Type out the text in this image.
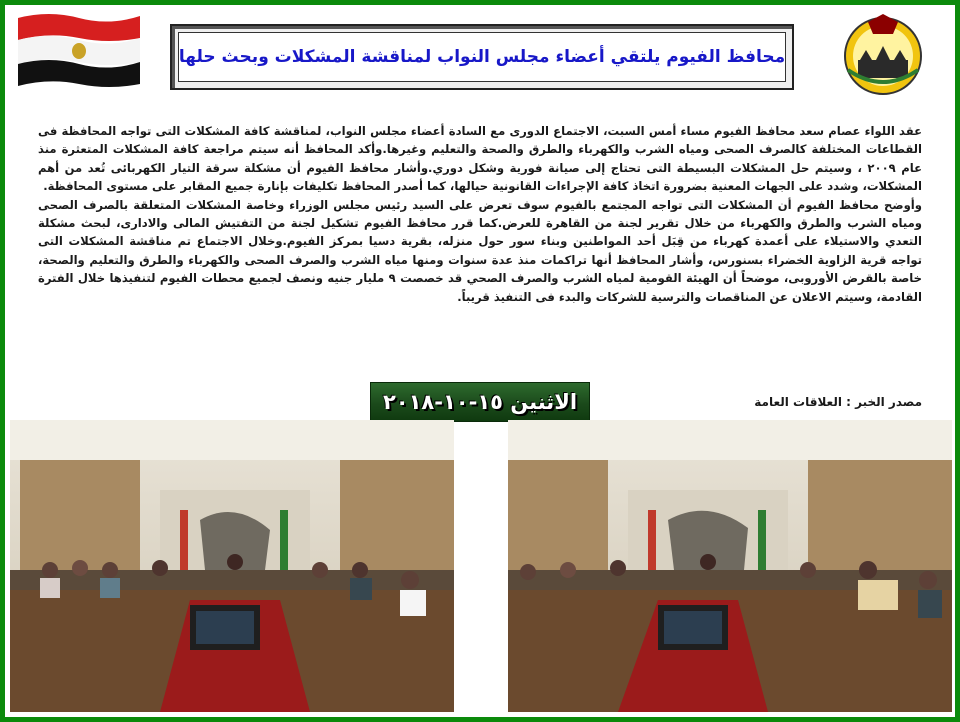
محافظ الفيوم يلتقي أعضاء مجلس النواب لمناقشة المشكلات وبحث حلها

عقد اللواء عصام سعد محافظ الفيوم مساء أمس السبت، الاجتماع الدورى مع السادة أعضاء مجلس النواب، لمناقشة كافة المشكلات التى تواجه المحافظة فى القطاعات المختلفة كالصرف الصحى ومياه الشرب والكهرباء والطرق والصحة والتعليم وغيرها.وأكد المحافظ أنه سيتم مراجعة كافة المشكلات المتعثرة منذ عام ٢٠٠٩ ، وسيتم حل المشكلات البسيطة التى تحتاج إلى صيانة فورية وشكل دوري.وأشار محافظ الفيوم أن مشكلة سرقة التيار الكهربائى تُعد من أهم المشكلات، وشدد على الجهات المعنية بضرورة اتخاذ كافة الإجراءات القانونية حيالها، كما أصدر المحافظ تكليفات بإنارة جميع المقابر على مستوى المحافظة.

وأوضح محافظ الفيوم أن المشكلات التى تواجه المجتمع بالفيوم سوف تعرض على السيد رئيس مجلس الوزراء وخاصة المشكلات المتعلقة بالصرف الصحى ومياه الشرب والطرق والكهرباء من خلال تقرير لجنة من القاهرة للعرض.كما قرر محافظ الفيوم تشكيل لجنة من التفتيش المالى والادارى، لبحث مشكلة التعدي والاستيلاء على أعمدة كهرباء من قِبَل أحد المواطنين وبناء سور حول منزله، بقرية دسيا بمركز الفيوم.وخلال الاجتماع تم مناقشة المشكلات التى تواجه قرية الزاوية الخضراء بسنورس، وأشار المحافظ أنها تراكمات منذ عدة سنوات ومنها مياه الشرب والصرف الصحى والكهرباء والطرق والتعليم والصحة، خاصة بالقرض الأوروبى، موضحاً أن الهيئة القومية لمياه الشرب والصرف الصحي قد خصصت ٩ مليار جنيه ونصف لجميع محطات الفيوم لتنفيذها خلال الفترة القادمة، وسيتم الاعلان عن المناقصات والترسية للشركات والبدء فى التنفيذ قريباً.

مصدر الخبر : العلاقات العامة
الاثنين ١٥-١٠-٢٠١٨
